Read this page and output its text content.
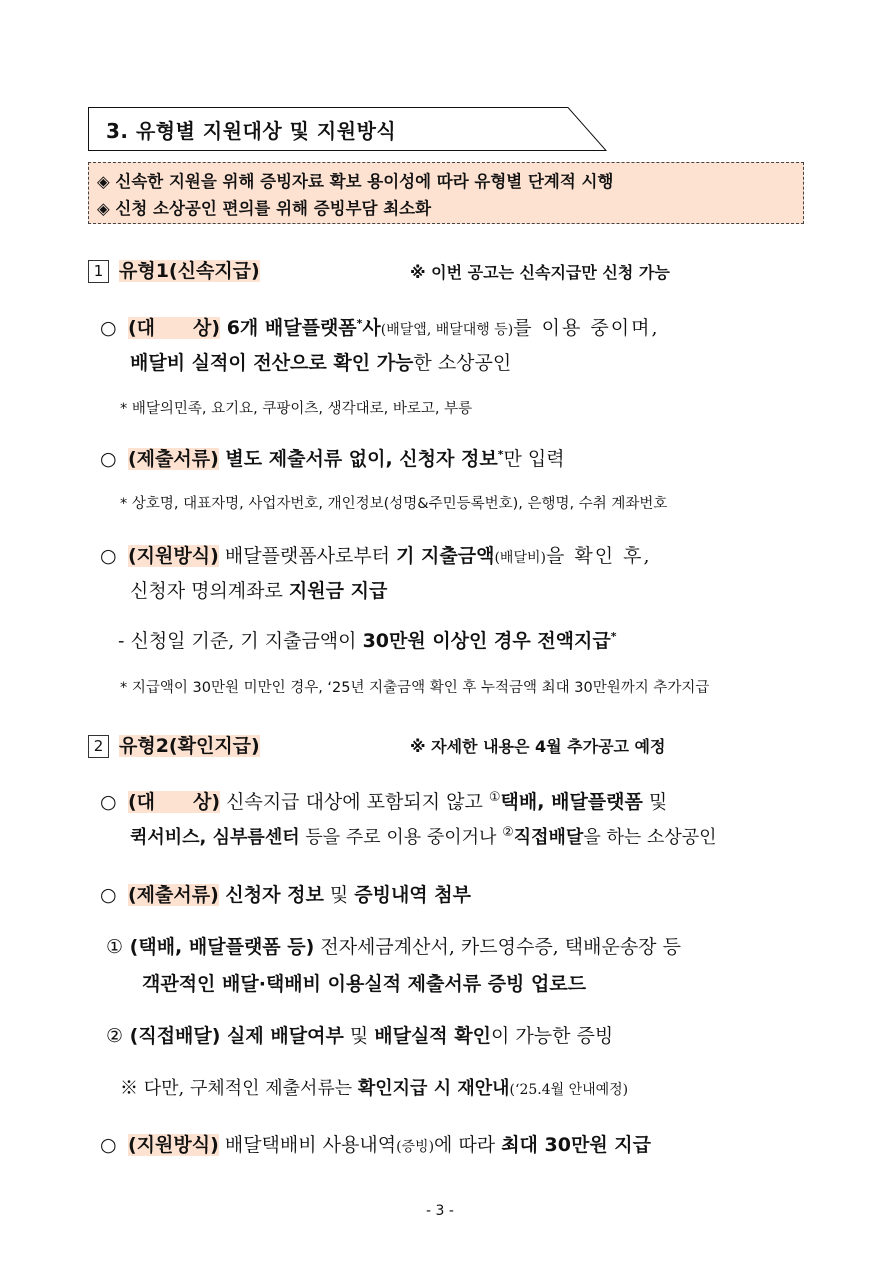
3. 유형별 지원대상 및 지원방식
◈ 신속한 지원을 위해 증빙자료 확보 용이성에 따라 유형별 단계적 시행
◈ 신청 소상공인 편의를 위해 증빙부담 최소화
1 유형1(신속지급)	※ 이번 공고는 신속지급만 신청 가능
○ (대　　상) 6개 배달플랫폼*사(배달앱, 배달대행 등)를 이용 중이며,
배달비 실적이 전산으로 확인 가능한 소상공인
* 배달의민족, 요기요, 쿠팡이츠, 생각대로, 바로고, 부릉
○ (제출서류) 별도 제출서류 없이, 신청자 정보*만 입력
* 상호명, 대표자명, 사업자번호, 개인정보(성명&주민등록번호), 은행명, 수취 계좌번호
○ (지원방식) 배달플랫폼사로부터 기 지출금액(배달비)을 확인 후,
신청자 명의계좌로 지원금 지급
- 신청일 기준, 기 지출금액이 30만원 이상인 경우 전액지급*
* 지급액이 30만원 미만인 경우, ‘25년 지출금액 확인 후 누적금액 최대 30만원까지 추가지급
2 유형2(확인지급)	※ 자세한 내용은 4월 추가공고 예정
○ (대　　상) 신속지급 대상에 포함되지 않고 ①택배, 배달플랫폼 및
퀵서비스, 심부름센터 등을 주로 이용 중이거나 ②직접배달을 하는 소상공인
○ (제출서류) 신청자 정보 및 증빙내역 첨부
① (택배, 배달플랫폼 등) 전자세금계산서, 카드영수증, 택배운송장 등
객관적인 배달·택배비 이용실적 제출서류 증빙 업로드
② (직접배달) 실제 배달여부 및 배달실적 확인이 가능한 증빙
※ 다만, 구체적인 제출서류는 확인지급 시 재안내(‘25.4월 안내예정)
○ (지원방식) 배달택배비 사용내역(증빙)에 따라 최대 30만원 지급
- 3 -
